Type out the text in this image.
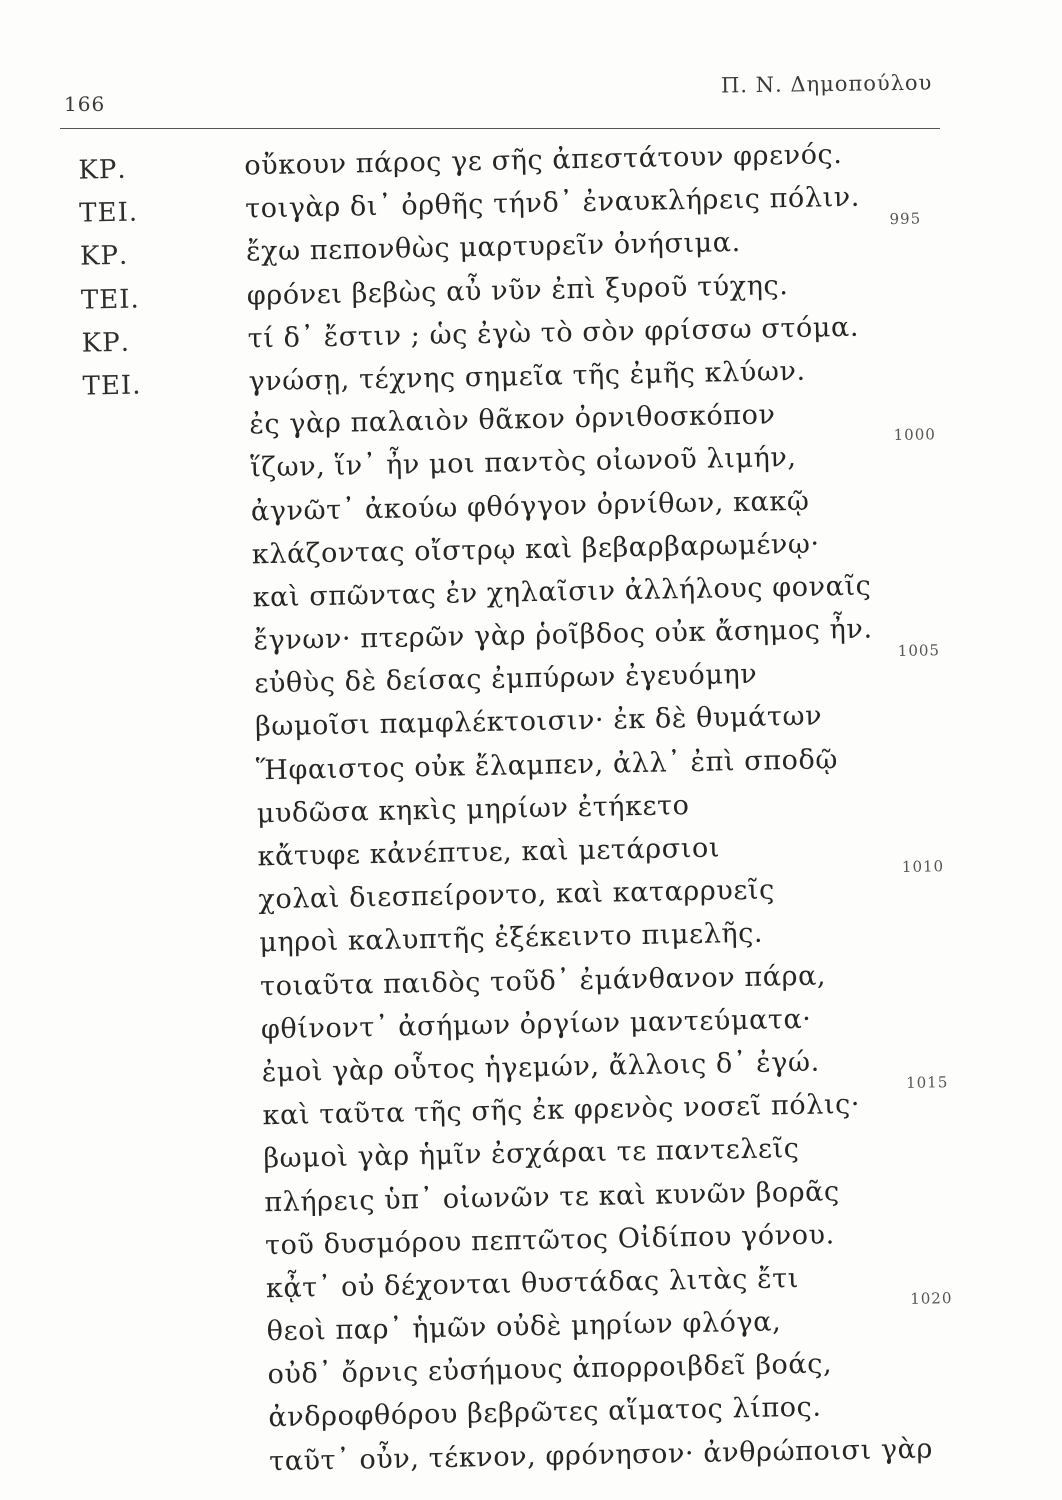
166
Π. Ν. Δημοπούλου
ΚΡ.	οὔκουν πάρος γε σῆς ἀπεστάτουν φρενός.
ΤΕΙ.	τοιγὰρ δι᾽ ὀρθῆς τήνδ᾽ ἐναυκλήρεις πόλιν.
ΚΡ.	ἔχω πεπονθὼς μαρτυρεῖν ὀνήσιμα.
995
ΤΕΙ.	φρόνει βεβὼς αὖ νῦν ἐπὶ ξυροῦ τύχης.
ΚΡ.	τί δ᾽ ἔστιν ; ὡς ἐγὼ τὸ σὸν φρίσσω στόμα.
ΤΕΙ.	γνώσῃ, τέχνης σημεῖα τῆς ἐμῆς κλύων.
ἐς γὰρ παλαιὸν θᾶκον ὀρνιθοσκόπον
ἵζων, ἵν᾽ ἦν μοι παντὸς οἰωνοῦ λιμήν,
1000
ἀγνῶτ᾽ ἀκούω φθόγγον ὀρνίθων, κακῷ
κλάζοντας οἴστρῳ καὶ βεβαρβαρωμένῳ·
καὶ σπῶντας ἐν χηλαῖσιν ἀλλήλους φοναῖς
ἔγνων· πτερῶν γὰρ ῥοῖβδος οὐκ ἄσημος ἦν.
εὐθὺς δὲ δείσας ἐμπύρων ἐγευόμην
1005
βωμοῖσι παμφλέκτοισιν· ἐκ δὲ θυμάτων
Ἥφαιστος οὐκ ἔλαμπεν, ἀλλ᾽ ἐπὶ σποδῷ
μυδῶσα κηκὶς μηρίων ἐτήκετο
κἄτυφε κἀνέπτυε, καὶ μετάρσιοι
χολαὶ διεσπείροντο, καὶ καταρρυεῖς
1010
μηροὶ καλυπτῆς ἐξέκειντο πιμελῆς.
τοιαῦτα παιδὸς τοῦδ᾽ ἐμάνθανον πάρα,
φθίνοντ᾽ ἀσήμων ὀργίων μαντεύματα·
ἐμοὶ γὰρ οὗτος ἡγεμών, ἄλλοις δ᾽ ἐγώ.
καὶ ταῦτα τῆς σῆς ἐκ φρενὸς νοσεῖ πόλις·
1015
βωμοὶ γὰρ ἡμῖν ἐσχάραι τε παντελεῖς
πλήρεις ὑπ᾽ οἰωνῶν τε καὶ κυνῶν βορᾶς
τοῦ δυσμόρου πεπτῶτος Οἰδίπου γόνου.
κᾆτ᾽ οὐ δέχονται θυστάδας λιτὰς ἔτι
θεοὶ παρ᾽ ἡμῶν οὐδὲ μηρίων φλόγα,
1020
οὐδ᾽ ὄρνις εὐσήμους ἀπορροιβδεῖ βοάς,
ἀνδροφθόρου βεβρῶτες αἵματος λίπος.
ταῦτ᾽ οὖν, τέκνον, φρόνησον· ἀνθρώποισι γὰρ
